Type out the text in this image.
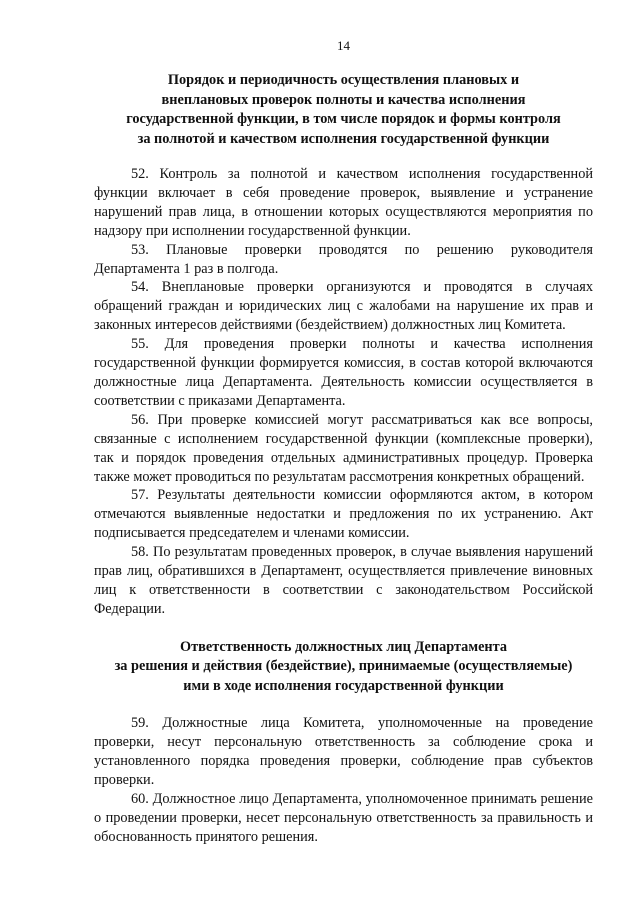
14
Порядок и периодичность осуществления плановых и
внеплановых проверок полноты и качества исполнения
государственной функции, в том числе порядок и формы контроля
за полнотой и качеством исполнения государственной функции

52. Контроль за полнотой и качеством исполнения государственной функции включает в себя проведение проверок, выявление и устранение нарушений прав лица, в отношении которых осуществляются мероприятия по надзору при исполнении государственной функции.

53. Плановые проверки проводятся по решению руководителя Департамента 1 раз в полгода.

54. Внеплановые проверки организуются и проводятся в случаях обращений граждан и юридических лиц с жалобами на нарушение их прав и законных интересов действиями (бездействием) должностных лиц Комитета.

55. Для проведения проверки полноты и качества исполнения государственной функции формируется комиссия, в состав которой включаются должностные лица Департамента. Деятельность комиссии осуществляется в соответствии с приказами Департамента.

56. При проверке комиссией могут рассматриваться как все вопросы, связанные с исполнением государственной функции (комплексные проверки), так и порядок проведения отдельных административных процедур. Проверка также может проводиться по результатам рассмотрения конкретных обращений.

57. Результаты деятельности комиссии оформляются актом, в котором отмечаются выявленные недостатки и предложения по их устранению. Акт подписывается председателем и членами комиссии.

58. По результатам проведенных проверок, в случае выявления нарушений прав лиц, обратившихся в Департамент, осуществляется привлечение виновных лиц к ответственности в соответствии с законодательством Российской Федерации.

Ответственность должностных лиц Департамента
за решения и действия (бездействие), принимаемые (осуществляемые)
ими в ходе исполнения государственной функции

59. Должностные лица Комитета, уполномоченные на проведение проверки, несут персональную ответственность за соблюдение срока и установленного порядка проведения проверки, соблюдение прав субъектов проверки.

60. Должностное лицо Департамента, уполномоченное принимать решение о проведении проверки, несет персональную ответственность за правильность и обоснованность принятого решения.
